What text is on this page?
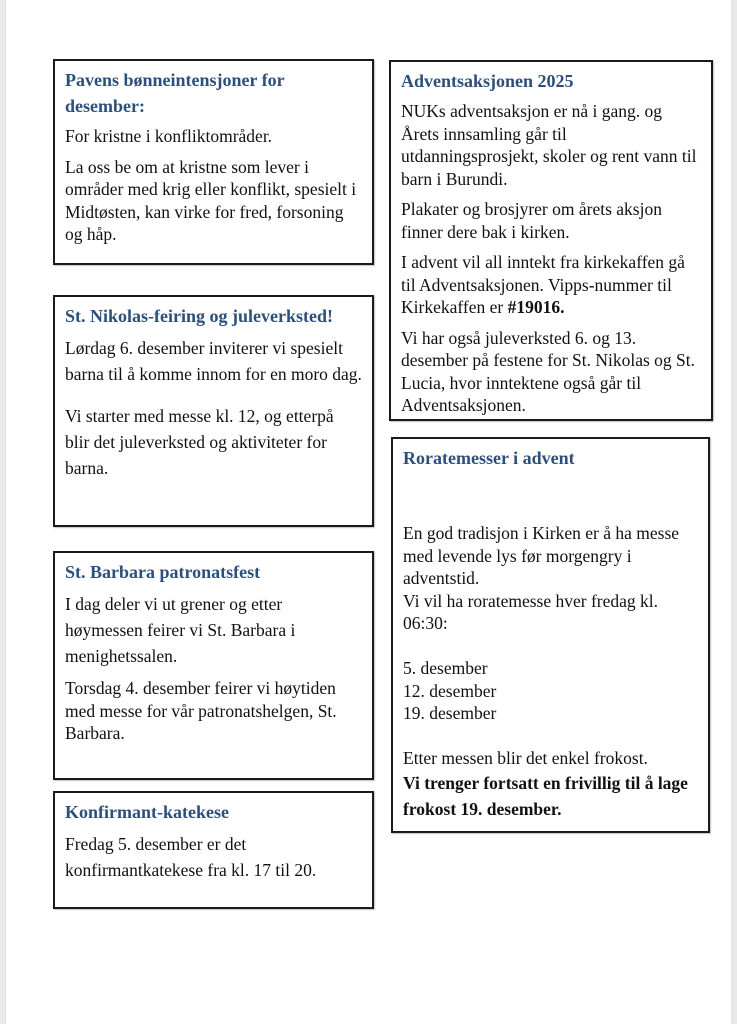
Pavens bønneintensjoner for desember:
For kristne i konfliktområder.
La oss be om at kristne som lever i områder med krig eller konflikt, spesielt i Midtøsten, kan virke for fred, forsoning og håp.
St. Nikolas-feiring og juleverksted!
Lørdag 6. desember inviterer vi spesielt barna til å komme innom for en moro dag.
Vi starter med messe kl. 12, og etterpå blir det juleverksted og aktiviteter for barna.
St. Barbara patronatsfest
I dag deler vi ut grener og etter høymessen feirer vi St. Barbara i menighetssalen.
Torsdag 4. desember feirer vi høytiden med messe for vår patronatshelgen, St. Barbara.
Konfirmant-katekese
Fredag 5. desember er det konfirmantkatekese fra kl. 17 til 20.
Adventsaksjonen 2025
NUKs adventsaksjon er nå i gang. og Årets innsamling går til utdanningsprosjekt, skoler og rent vann til barn i Burundi.
Plakater og brosjyrer om årets aksjon finner dere bak i kirken.
I advent vil all inntekt fra kirkekaffen gå til Adventsaksjonen. Vipps-nummer til Kirkekaffen er #19016.
Vi har også juleverksted 6. og 13. desember på festene for St. Nikolas og St. Lucia, hvor inntektene også går til Adventsaksjonen.
Roratemesser i advent
En god tradisjon i Kirken er å ha messe med levende lys før morgengry i adventstid.
Vi vil ha roratemesse hver fredag kl. 06:30:
5. desember
12. desember
19. desember
Etter messen blir det enkel frokost.
Vi trenger fortsatt en frivillig til å lage frokost 19. desember.
